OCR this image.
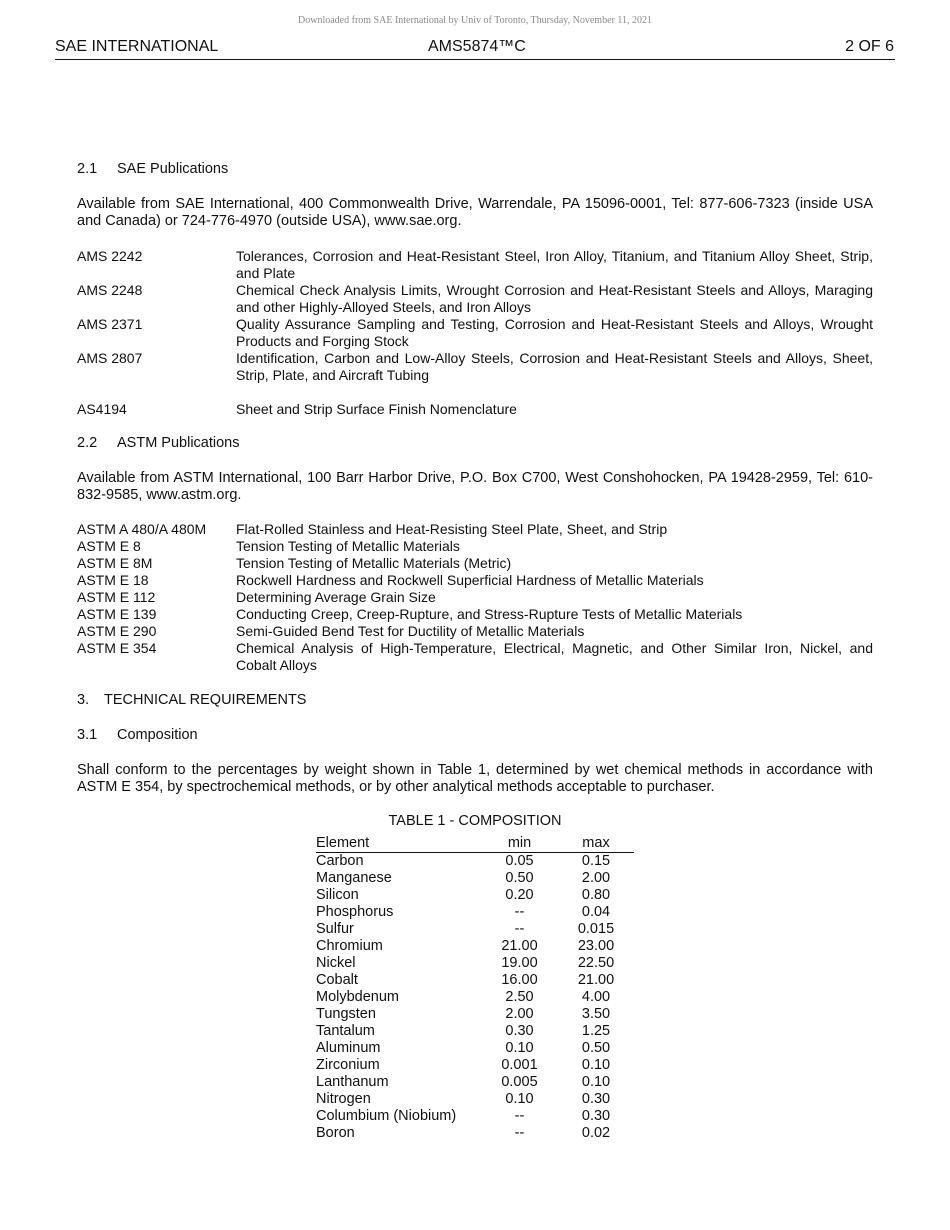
Downloaded from SAE International by Univ of Toronto, Thursday, November 11, 2021
SAE INTERNATIONAL	AMS5874™C	2 OF 6
2.1 SAE Publications
Available from SAE International, 400 Commonwealth Drive, Warrendale, PA 15096-0001, Tel: 877-606-7323 (inside USA and Canada) or 724-776-4970 (outside USA), www.sae.org.
AMS 2242	Tolerances, Corrosion and Heat-Resistant Steel, Iron Alloy, Titanium, and Titanium Alloy Sheet, Strip, and Plate
AMS 2248	Chemical Check Analysis Limits, Wrought Corrosion and Heat-Resistant Steels and Alloys, Maraging and other Highly-Alloyed Steels, and Iron Alloys
AMS 2371	Quality Assurance Sampling and Testing, Corrosion and Heat-Resistant Steels and Alloys, Wrought Products and Forging Stock
AMS 2807	Identification, Carbon and Low-Alloy Steels, Corrosion and Heat-Resistant Steels and Alloys, Sheet, Strip, Plate, and Aircraft Tubing
AS4194	Sheet and Strip Surface Finish Nomenclature
2.2 ASTM Publications
Available from ASTM International, 100 Barr Harbor Drive, P.O. Box C700, West Conshohocken, PA 19428-2959, Tel: 610-832-9585, www.astm.org.
ASTM A 480/A 480M	Flat-Rolled Stainless and Heat-Resisting Steel Plate, Sheet, and Strip
ASTM E 8	Tension Testing of Metallic Materials
ASTM E 8M	Tension Testing of Metallic Materials (Metric)
ASTM E 18	Rockwell Hardness and Rockwell Superficial Hardness of Metallic Materials
ASTM E 112	Determining Average Grain Size
ASTM E 139	Conducting Creep, Creep-Rupture, and Stress-Rupture Tests of Metallic Materials
ASTM E 290	Semi-Guided Bend Test for Ductility of Metallic Materials
ASTM E 354	Chemical Analysis of High-Temperature, Electrical, Magnetic, and Other Similar Iron, Nickel, and Cobalt Alloys
3. TECHNICAL REQUIREMENTS
3.1 Composition
Shall conform to the percentages by weight shown in Table 1, determined by wet chemical methods in accordance with ASTM E 354, by spectrochemical methods, or by other analytical methods acceptable to purchaser.
TABLE 1 - COMPOSITION
Element	min	max
Carbon	0.05	0.15
Manganese	0.50	2.00
Silicon	0.20	0.80
Phosphorus	--	0.04
Sulfur	--	0.015
Chromium	21.00	23.00
Nickel	19.00	22.50
Cobalt	16.00	21.00
Molybdenum	2.50	4.00
Tungsten	2.00	3.50
Tantalum	0.30	1.25
Aluminum	0.10	0.50
Zirconium	0.001	0.10
Lanthanum	0.005	0.10
Nitrogen	0.10	0.30
Columbium (Niobium)	--	0.30
Boron	--	0.02
